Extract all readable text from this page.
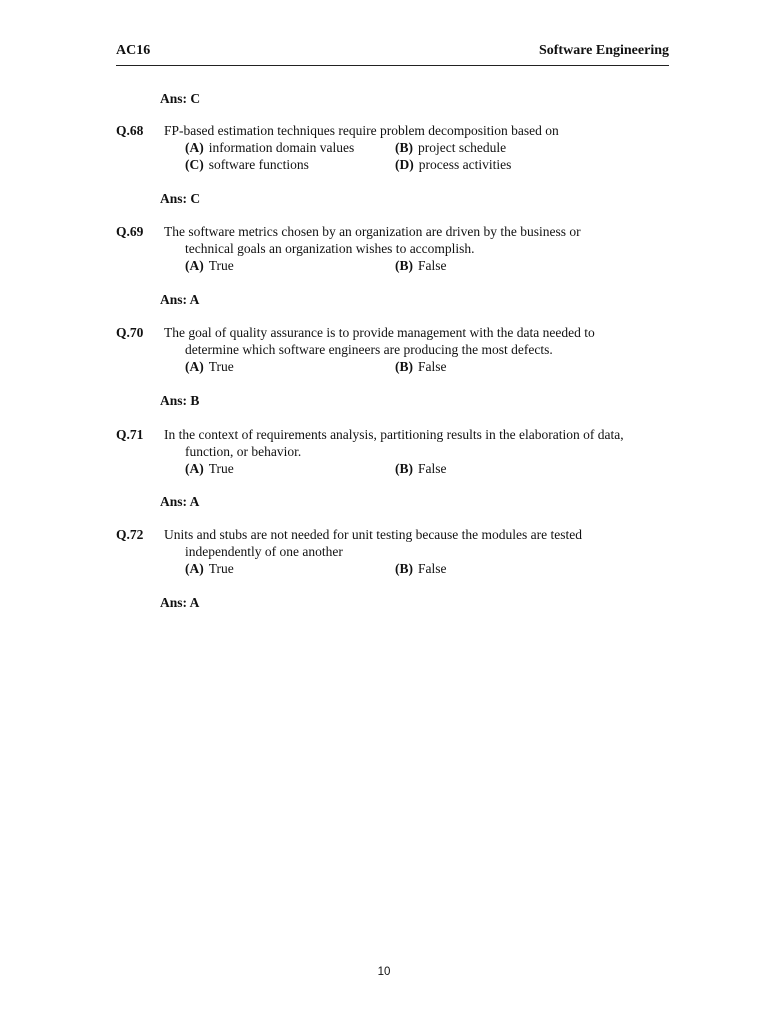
AC16	Software Engineering
Ans: C
Q.68 FP-based estimation techniques require problem decomposition based on
(A) information domain values	(B) project schedule
(C) software functions	(D) process activities
Ans: C
Q.69 The software metrics chosen by an organization are driven by the business or
technical goals an organization wishes to accomplish.
(A) True	(B) False
Ans: A
Q.70 The goal of quality assurance is to provide management with the data needed to
determine which software engineers are producing the most defects.
(A) True	(B) False
Ans: B
Q.71 In the context of requirements analysis, partitioning results in the elaboration of data,
function, or behavior.
(A) True	(B) False
Ans: A
Q.72 Units and stubs are not needed for unit testing because the modules are tested
independently of one another
(A) True	(B) False
Ans: A
10
